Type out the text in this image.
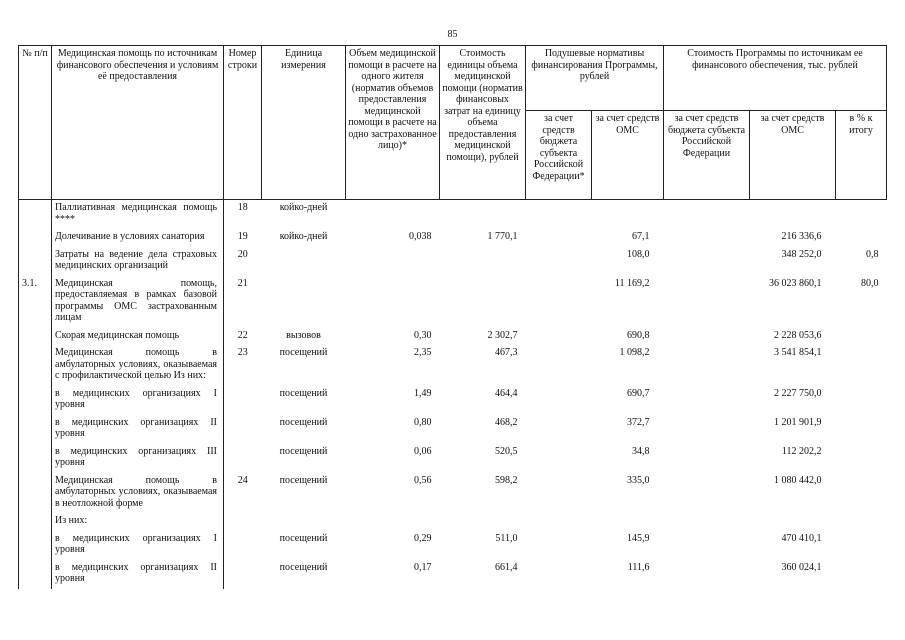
85
№ п/п	Медицинская помощь по источникам финансового обеспечения и условиям её предоставления	Номер строки	Единица измерения	Объем медицинской помощи в расчете на одного жителя (норматив объемов предоставления медицинской помощи в расчете на одно застрахованное лицо)*	Стоимость единицы объема медицинской помощи (норматив финансовых затрат на единицу объема предоставления медицинской помощи), рублей	Подушевые нормативы финансирования Программы, рублей		Стоимость Программы по источникам ее финансового обеспечения, тыс. рублей		
						за счет средств бюджета субъекта Российской Федерации*	за счет средств ОМС	за счет средств бюджета субъекта Российской Федерации	за счет средств ОМС	в % к итогу
	Паллиативная медицинская помощь ****	18	койко-дней							
	Долечивание в условиях санатория	19	койко-дней	0,038	1 770,1		67,1		216 336,6	
	Затраты на ведение дела страховых медицинских организаций	20					108,0		348 252,0	0,8
3.1.	Медицинская помощь, предоставляемая в рамках базовой программы ОМС застрахованным лицам	21					11 169,2		36 023 860,1	80,0
	Скорая медицинская помощь	22	вызовов	0,30	2 302,7		690,8		2 228 053,6	
	Медицинская помощь в амбулаторных условиях, оказываемая с профилактической целью Из них:	23	посещений	2,35	467,3		1 098,2		3 541 854,1	
	в медицинских организациях I уровня		посещений	1,49	464,4		690,7		2 227 750,0	
	в медицинских организациях II уровня		посещений	0,80	468,2		372,7		1 201 901,9	
	в медицинских организациях III уровня		посещений	0,06	520,5		34,8		112 202,2	
	Медицинская помощь в амбулаторных условиях, оказываемая в неотложной форме	24	посещений	0,56	598,2		335,0		1 080 442,0	
	Из них:									
	в медицинских организациях I уровня		посещений	0,29	511,0		145,9		470 410,1	
	в медицинских организациях II уровня		посещений	0,17	661,4		111,6		360 024,1	
